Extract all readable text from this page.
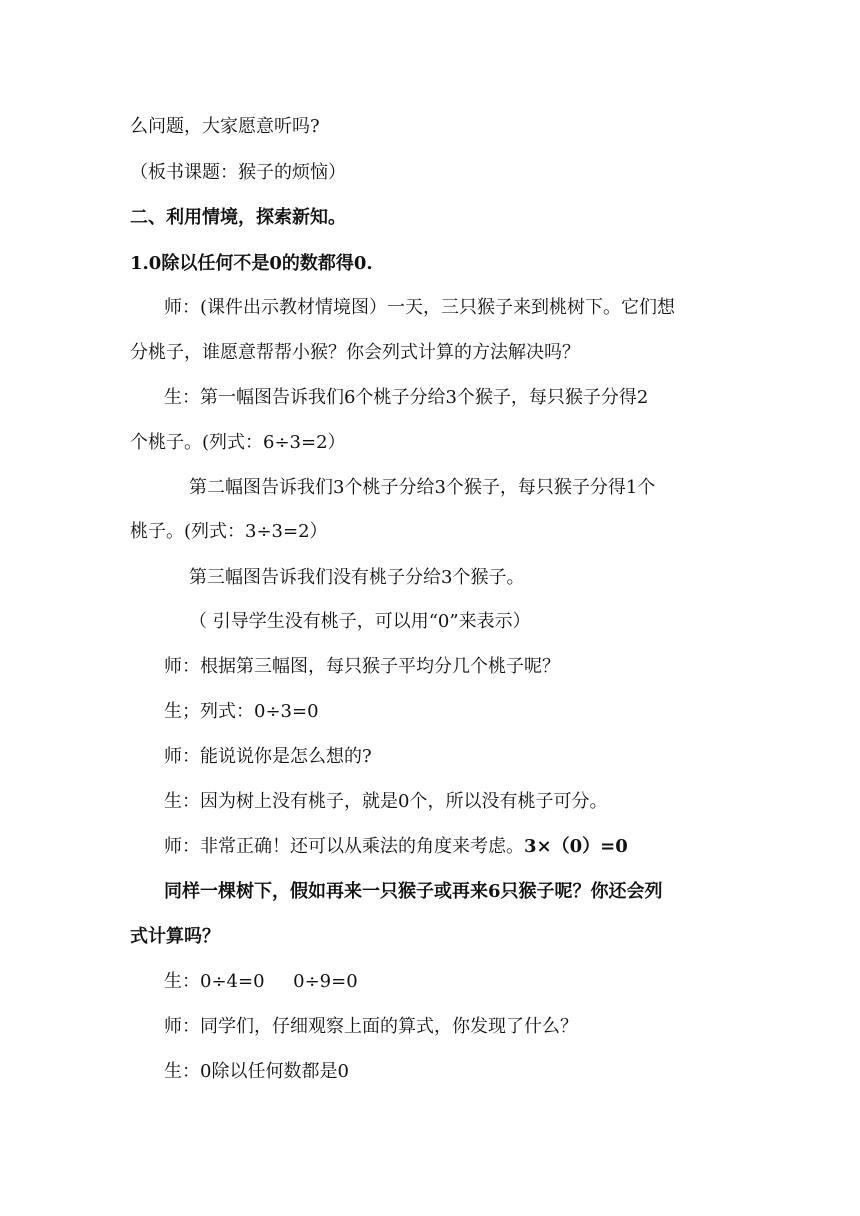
么问题，大家愿意听吗?
（板书课题：猴子的烦恼）
二、利用情境，探索新知。
1.0除以任何不是0的数都得0.
师：(课件出示教材情境图）一天，三只猴子来到桃树下。它们想
分桃子，谁愿意帮帮小猴？你会列式计算的方法解决吗？
生：第一幅图告诉我们6个桃子分给3个猴子，每只猴子分得2
个桃子。(列式：6÷3=2）
第二幅图告诉我们3个桃子分给3个猴子，每只猴子分得1个
桃子。(列式：3÷3=2）
第三幅图告诉我们没有桃子分给3个猴子。
（ 引导学生没有桃子，可以用“0”来表示）
师：根据第三幅图，每只猴子平均分几个桃子呢？
生；列式：0÷3=0
师：能说说你是怎么想的?
生：因为树上没有桃子，就是0个，所以没有桃子可分。
师：非常正确！还可以从乘法的角度来考虑。3×（0）=0
同样一棵树下，假如再来一只猴子或再来6只猴子呢？你还会列
式计算吗？
生：0÷4=0     0÷9=0
师：同学们，仔细观察上面的算式，你发现了什么？
生：0除以任何数都是0
